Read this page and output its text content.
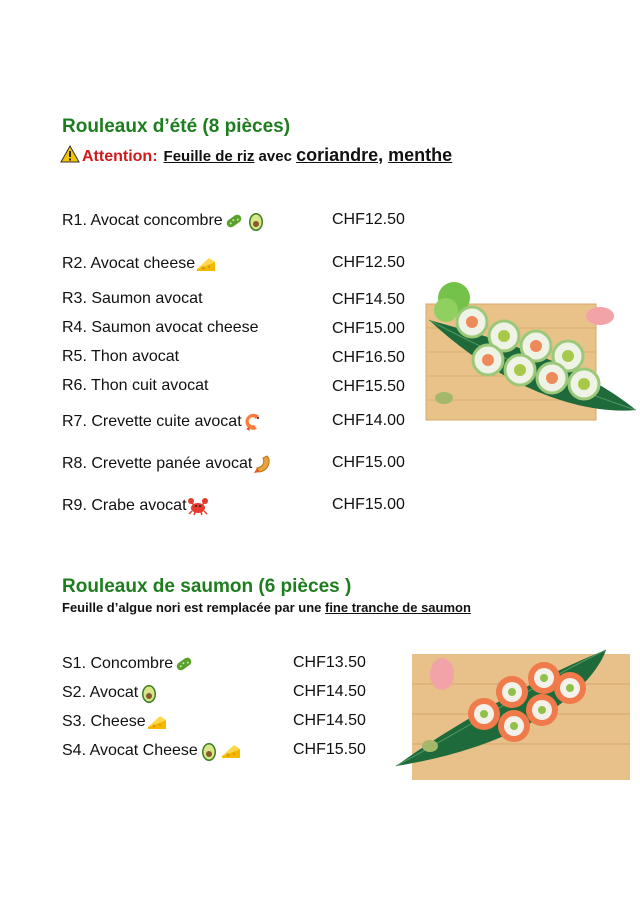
Rouleaux d’été (8 pièces)
Attention: Feuille de riz avec coriandre , menthe
R1. Avocat concombre	CHF12.50
R2. Avocat cheese	CHF12.50
R3. Saumon avocat	CHF14.50
R4. Saumon avocat cheese	CHF15.00
R5. Thon avocat	CHF16.50
R6. Thon cuit avocat	CHF15.50
R7. Crevette cuite avocat	CHF14.00
R8. Crevette panée avocat	CHF15.00
R9. Crabe avocat	CHF15.00
Rouleaux de saumon (6 pièces )
Feuille d’algue nori est remplacée par une fine tranche de saumon
S1. Concombre	CHF13.50
S2. Avocat	CHF14.50
S3. Cheese	CHF14.50
S4. Avocat Cheese	CHF15.50
